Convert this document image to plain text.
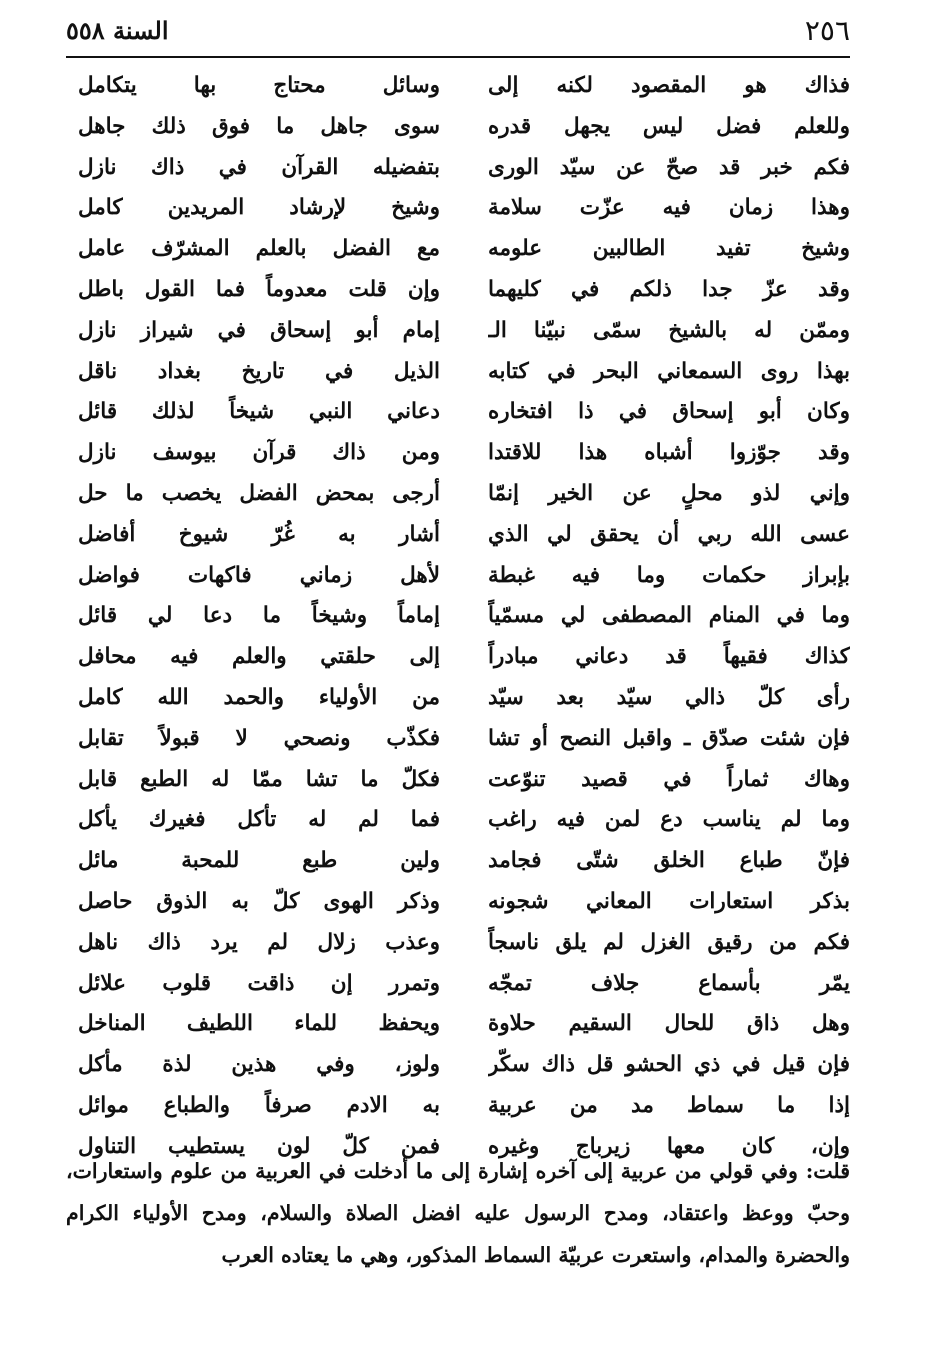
٢٥٦
السنة ٥٥٨
فذاك هو المقصود لكنه إلى
وسائل محتاج بها يتكامل
وللعلم فضل ليس يجهل قدره
سوى جاهل ما فوق ذلك جاهل
فكم خبر قد صحّ عن سيّد الورى
بتفضيله القرآن في ذاك نازل
وهذا زمان فيه عزّت سلامة
وشيخ لإرشاد المريدين كامل
وشيخ تفيد الطالبين علومه
مع الفضل بالعلم المشرّف عامل
وقد عزّ جدا ذلكم في كليهما
وإن قلت معدوماً فما القول باطل
وممّن له بالشيخ سمّى نبيّنا الـ
إمام أبو إسحاق في شيراز نازل
بهذا روى السمعاني البحر في كتابه
الذيل في تاريخ بغداد ناقل
وكان أبو إسحاق في ذا افتخاره
دعاني النبي شيخاً لذلك قائل
وقد جوّزوا أشباه هذا للاقتدا
ومن ذاك قرآن بيوسف نازل
وإني لذو محلٍ عن الخير إنمّا
أرجى بمحض الفضل يخصب ما حل
عسى الله ربي أن يحقق لي الذي
أشار به غُرّ شيوخ أفاضل
بإبراز حكمات وما فيه غبطة
لأهل زماني فاكهات فواضل
وما في المنام المصطفى لي مسمّياً
إماماً وشيخاً ما دعا لي قائل
كذاك فقيهاً قد دعاني مبادراً
إلى حلقتي والعلم فيه محافل
رأى كلّ ذالي سيّد بعد سيّد
من الأولياء والحمد الله كامل
فإن شئت صدّق ـ واقبل النصح أو تشا
فكذّب ونصحي لا قبولاً تقابل
وهاك ثماراً في قصيد تنوّعت
فكلّ ما تشا ممّا له الطبع قابل
وما لم يناسب دع لمن فيه راغب
فما لم له تأكل فغيرك يأكل
فإنّ طباع الخلق شتّى فجامد
ولين طبع للمحبة مائل
بذكر استعارات المعاني شجونه
وذكر الهوى كلّ به الذوق حاصل
فكم من رقيق الغزل لم يلق ناسجاً
وعذب زلال لم يرد ذاك ناهل
يمّر بأسماع جلاف تمجّه
وتمرر إن ذاقت قلوب علائل
وهل ذاق للحال السقيم حلاوة
ويحفظ للماء اللطيف المناخل
فإن قيل في ذي الحشو قل ذاك سكّر
ولوز، وفي هذين لذة مأكل
إذا ما سماط مد من عربية
به الادم صرفاً والطباع موائل
وإن، كان معها زيرباج وغيره
فمن كلّ لون يستطيب التناول
قلت: وفي قولي من عربية إلى آخره إشارة إلى ما أدخلت في العربية من علوم واستعارات، وحبّ ووعظ واعتقاد، ومدح الرسول عليه افضل الصلاة والسلام، ومدح الأولياء الكرام والحضرة والمدام، واستعرت عربيّة السماط المذكور، وهي ما يعتاده العرب
